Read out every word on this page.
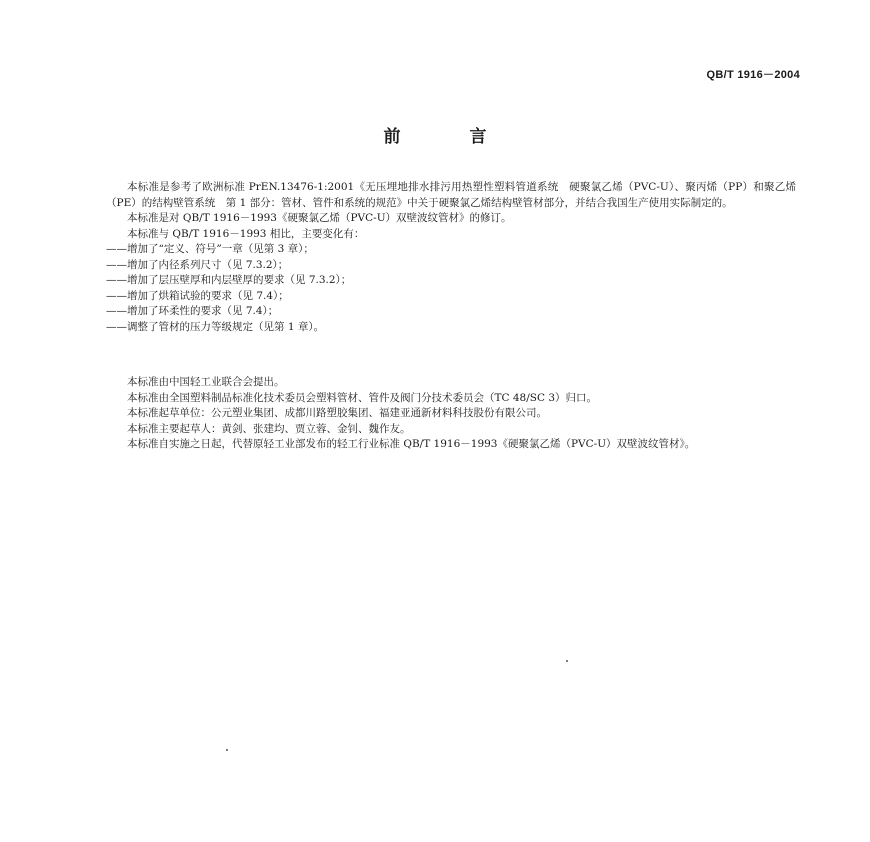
QB/T 1916－2004
前　言

本标准是参考了欧洲标准 PrEN.13476-1:2001《无压埋地排水排污用热塑性塑料管道系统　硬聚氯乙烯（PVC-U）、聚丙烯（PP）和聚乙烯（PE）的结构壁管系统　第 1 部分：管材、管件和系统的规范》中关于硬聚氯乙烯结构壁管材部分，并结合我国生产使用实际制定的。

本标准是对 QB/T 1916－1993《硬聚氯乙烯（PVC-U）双壁波纹管材》的修订。

本标准与 QB/T 1916－1993 相比，主要变化有：

——增加了“定义、符号”一章（见第 3 章）；

——增加了内径系列尺寸（见 7.3.2）；

——增加了层压壁厚和内层壁厚的要求（见 7.3.2）；

——增加了烘箱试验的要求（见 7.4）；

——增加了环柔性的要求（见 7.4）；

——调整了管材的压力等级规定（见第 1 章）。

本标准由中国轻工业联合会提出。

本标准由全国塑料制品标准化技术委员会塑料管材、管件及阀门分技术委员会（TC 48/SC 3）归口。

本标准起草单位：公元塑业集团、成都川路塑胶集团、福建亚通新材料科技股份有限公司。

本标准主要起草人：黄剑、张建均、贾立蓉、金钊、魏作友。

本标准自实施之日起，代替原轻工业部发布的轻工行业标准 QB/T 1916－1993《硬聚氯乙烯（PVC-U）双壁波纹管材》。
